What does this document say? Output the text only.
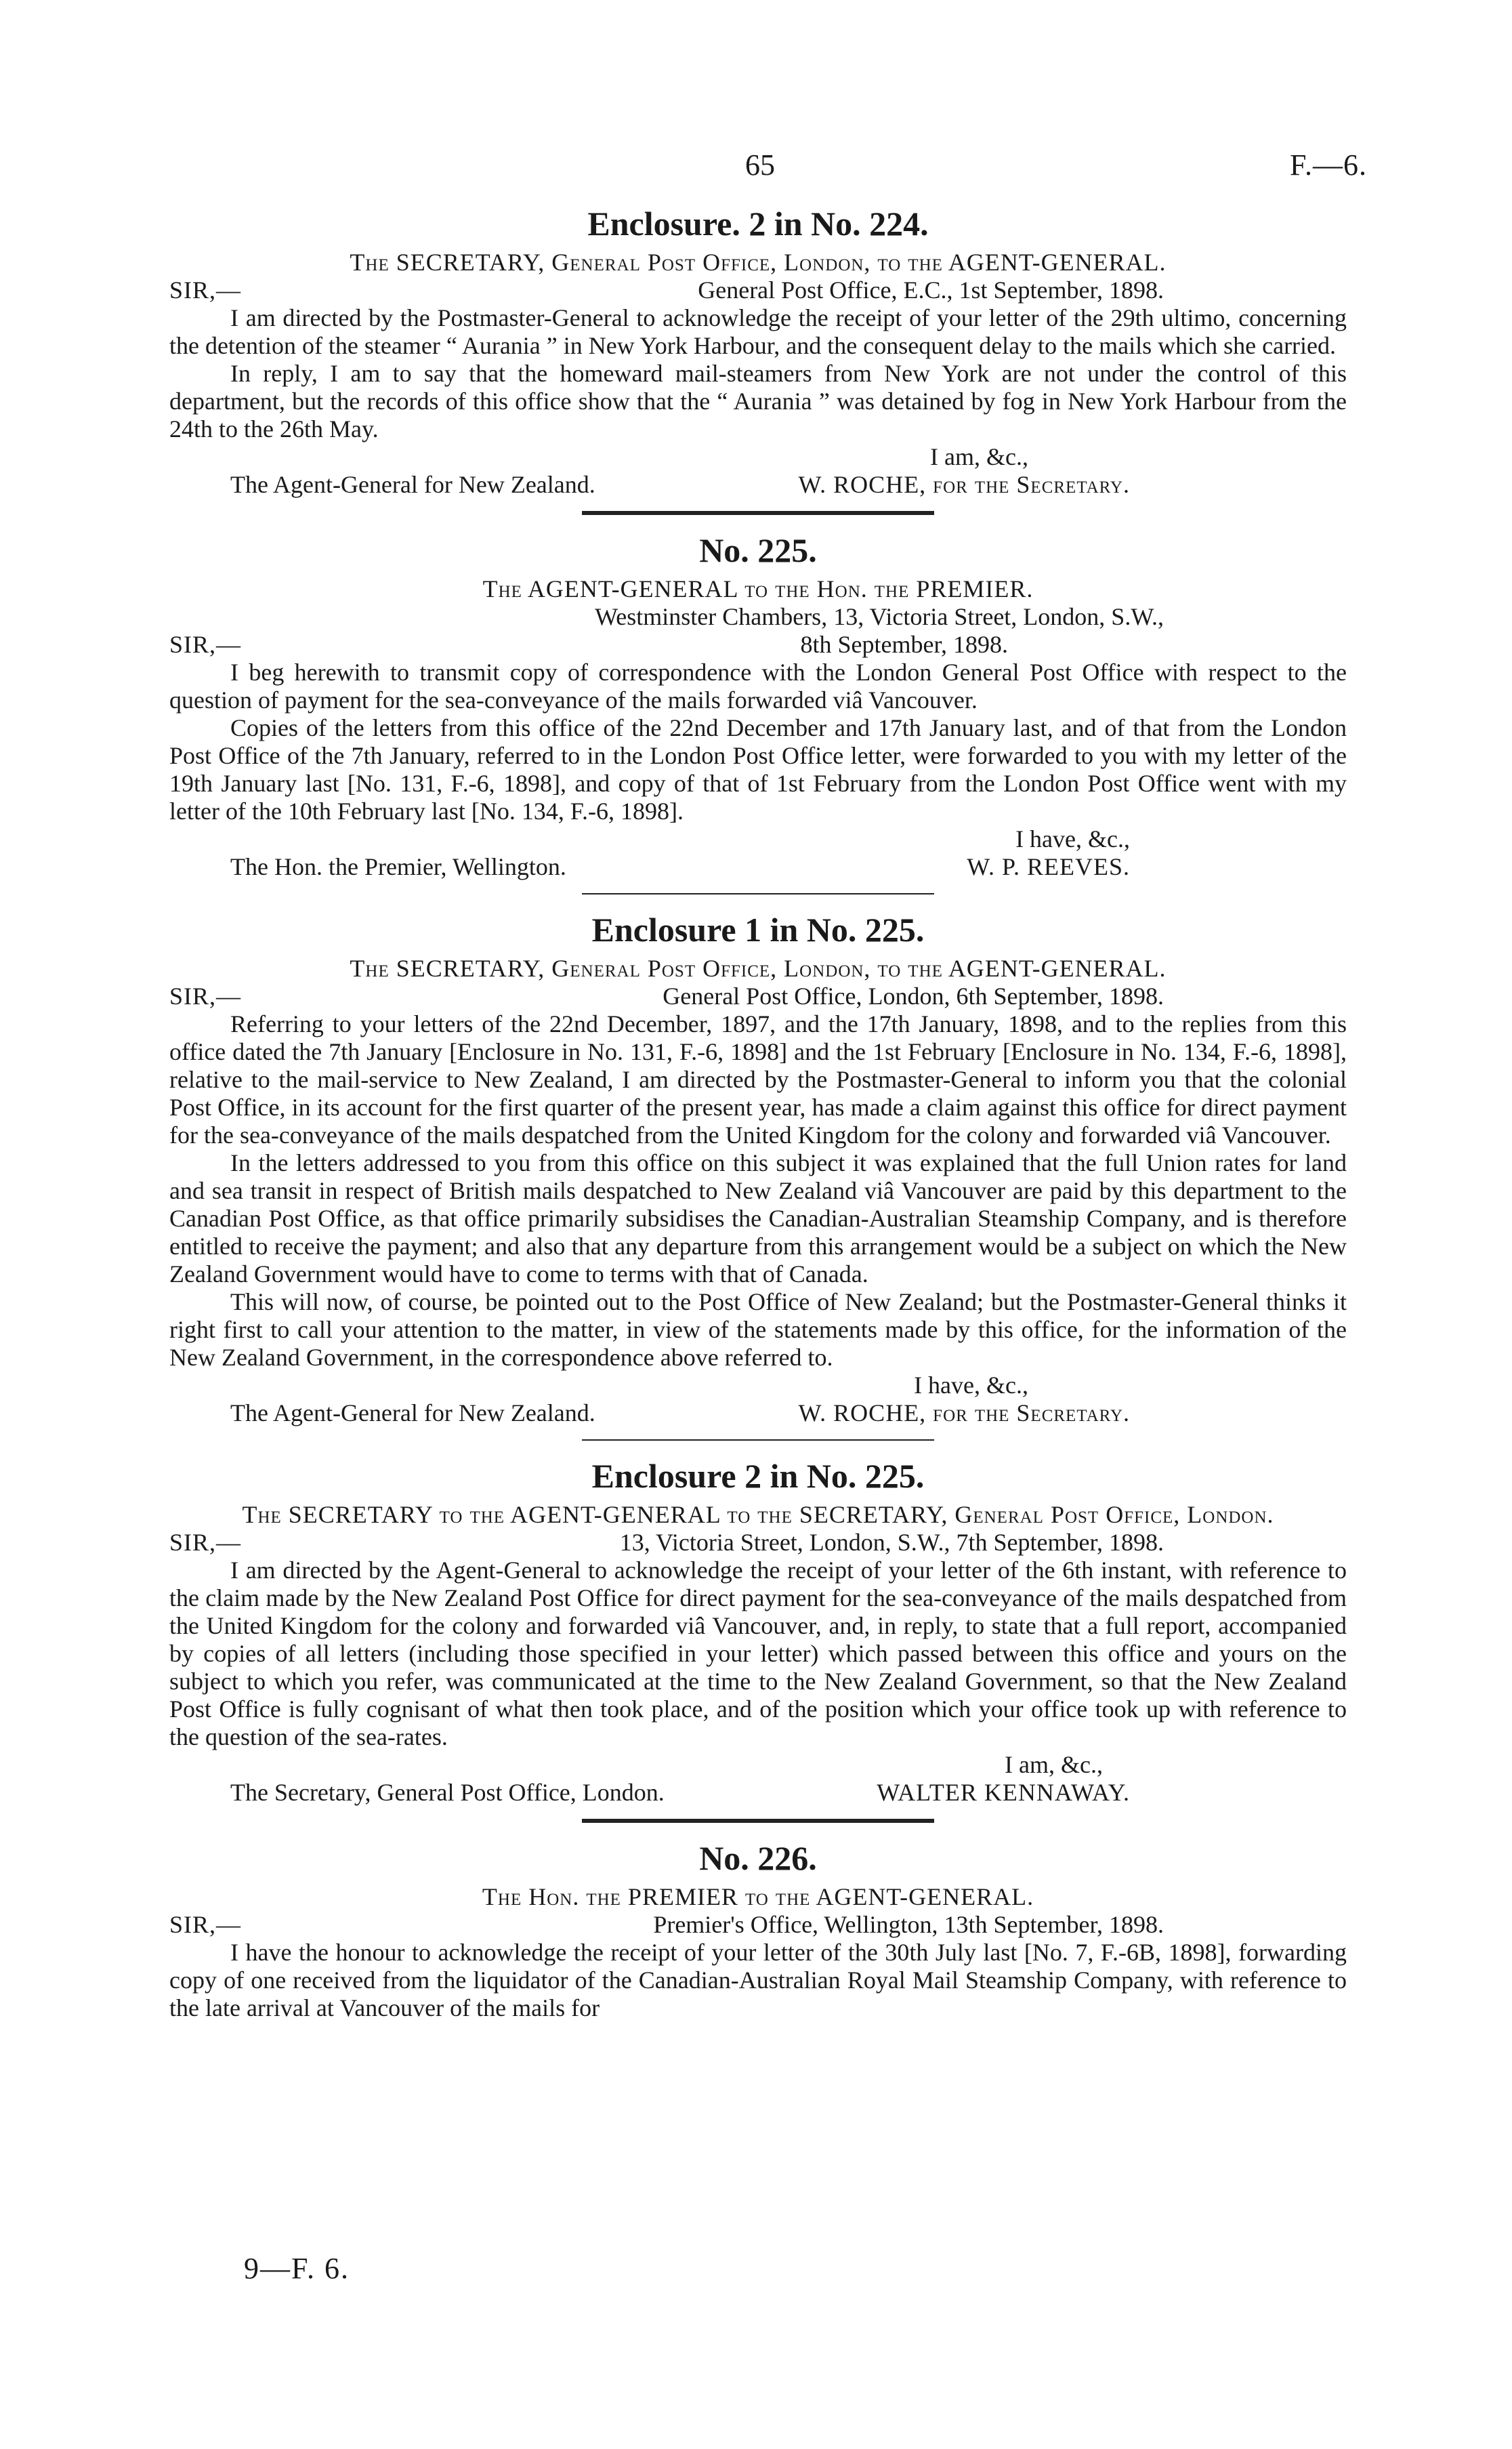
65	F.—6.
Enclosure. 2 in No. 224.

The SECRETARY, General Post Office, London, to the AGENT-GENERAL.

SIR,—	General Post Office, E.C., 1st September, 1898.

I am directed by the Postmaster-General to acknowledge the receipt of your letter of the 29th ultimo, concerning the detention of the steamer “ Aurania ” in New York Harbour, and the consequent delay to the mails which she carried.

In reply, I am to say that the homeward mail-steamers from New York are not under the control of this department, but the records of this office show that the “ Aurania ” was detained by fog in New York Harbour from the 24th to the 26th May.

I am, &c.,
The Agent-General for New Zealand.	W. ROCHE, for the Secretary.
No. 225.

The AGENT-GENERAL to the Hon. the PREMIER.

Westminster Chambers, 13, Victoria Street, London, S.W.,
SIR,—	8th September, 1898.

I beg herewith to transmit copy of correspondence with the London General Post Office with respect to the question of payment for the sea-conveyance of the mails forwarded viâ Vancouver.

Copies of the letters from this office of the 22nd December and 17th January last, and of that from the London Post Office of the 7th January, referred to in the London Post Office letter, were forwarded to you with my letter of the 19th January last [No. 131, F.-6, 1898], and copy of that of 1st February from the London Post Office went with my letter of the 10th February last [No. 134, F.-6, 1898].

I have, &c.,
The Hon. the Premier, Wellington.	W. P. REEVES.
Enclosure 1 in No. 225.

The SECRETARY, General Post Office, London, to the AGENT-GENERAL.

SIR,—	General Post Office, London, 6th September, 1898.

Referring to your letters of the 22nd December, 1897, and the 17th January, 1898, and to the replies from this office dated the 7th January [Enclosure in No. 131, F.-6, 1898] and the 1st February [Enclosure in No. 134, F.-6, 1898], relative to the mail-service to New Zealand, I am directed by the Postmaster-General to inform you that the colonial Post Office, in its account for the first quarter of the present year, has made a claim against this office for direct payment for the sea-conveyance of the mails despatched from the United Kingdom for the colony and forwarded viâ Vancouver.

In the letters addressed to you from this office on this subject it was explained that the full Union rates for land and sea transit in respect of British mails despatched to New Zealand viâ Vancouver are paid by this department to the Canadian Post Office, as that office primarily subsidises the Canadian-Australian Steamship Company, and is therefore entitled to receive the payment; and also that any departure from this arrangement would be a subject on which the New Zealand Government would have to come to terms with that of Canada.

This will now, of course, be pointed out to the Post Office of New Zealand; but the Postmaster-General thinks it right first to call your attention to the matter, in view of the statements made by this office, for the information of the New Zealand Government, in the correspondence above referred to.

I have, &c.,
The Agent-General for New Zealand.	W. ROCHE, for the Secretary.
Enclosure 2 in No. 225.

The SECRETARY to the AGENT-GENERAL to the SECRETARY, General Post Office, London.

SIR,—	13, Victoria Street, London, S.W., 7th September, 1898.

I am directed by the Agent-General to acknowledge the receipt of your letter of the 6th instant, with reference to the claim made by the New Zealand Post Office for direct payment for the sea-conveyance of the mails despatched from the United Kingdom for the colony and forwarded viâ Vancouver, and, in reply, to state that a full report, accompanied by copies of all letters (including those specified in your letter) which passed between this office and yours on the subject to which you refer, was communicated at the time to the New Zealand Government, so that the New Zealand Post Office is fully cognisant of what then took place, and of the position which your office took up with reference to the question of the sea-rates.

I am, &c.,
The Secretary, General Post Office, London.	WALTER KENNAWAY.
No. 226.

The Hon. the PREMIER to the AGENT-GENERAL.

SIR,—	Premier's Office, Wellington, 13th September, 1898.

I have the honour to acknowledge the receipt of your letter of the 30th July last [No. 7, F.-6B, 1898], forwarding copy of one received from the liquidator of the Canadian-Australian Royal Mail Steamship Company, with reference to the late arrival at Vancouver of the mails for

9—F. 6.
